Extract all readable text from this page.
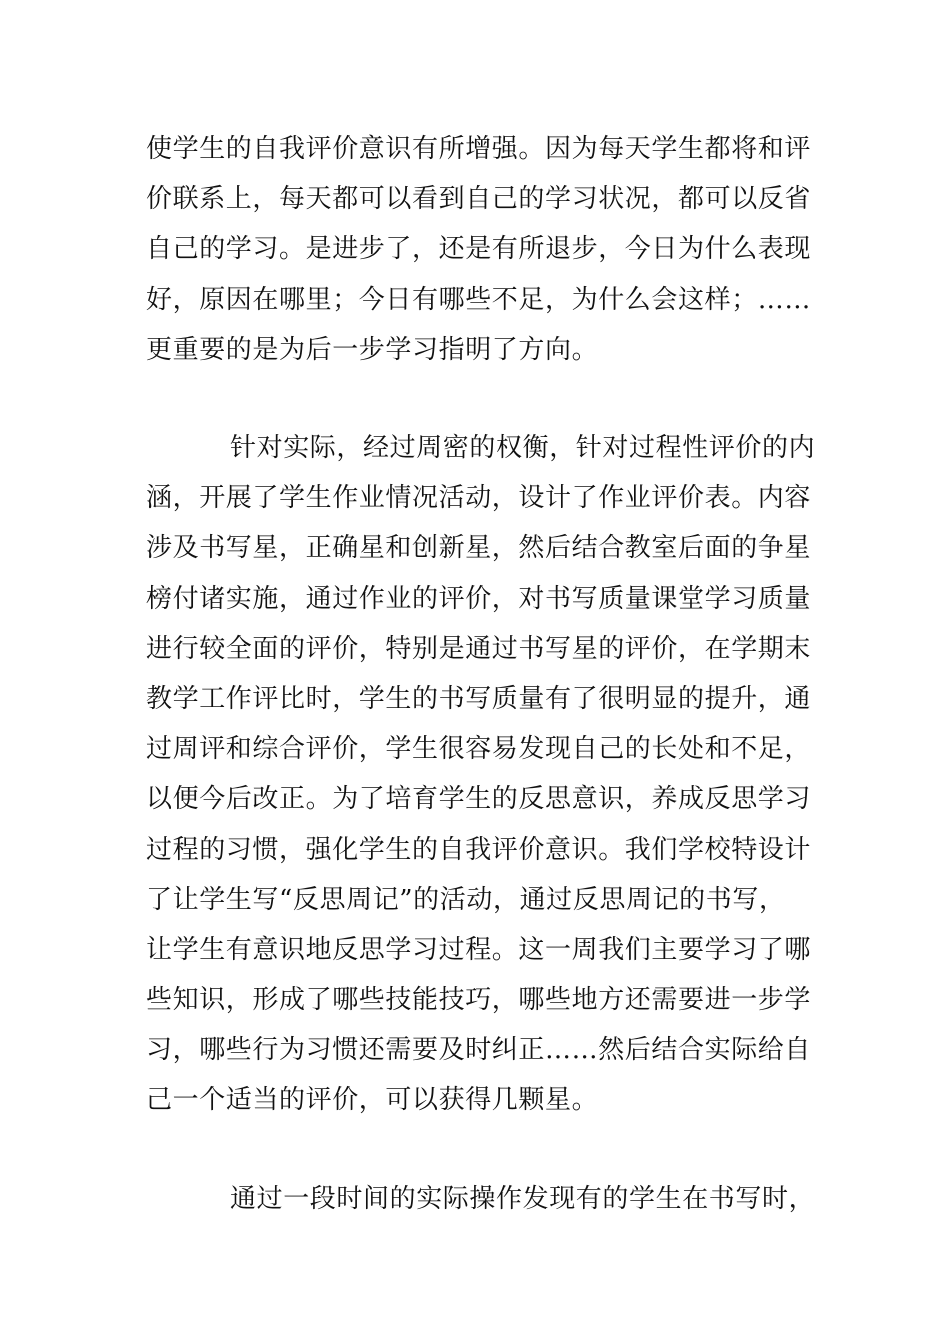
使学生的自我评价意识有所增强。因为每天学生都将和评
价联系上，每天都可以看到自己的学习状况，都可以反省
自己的学习。是进步了，还是有所退步，今日为什么表现
好，原因在哪里；今日有哪些不足，为什么会这样；……
更重要的是为后一步学习指明了方向。
针对实际，经过周密的权衡，针对过程性评价的内
涵，开展了学生作业情况活动，设计了作业评价表。内容
涉及书写星，正确星和创新星，然后结合教室后面的争星
榜付诸实施，通过作业的评价，对书写质量课堂学习质量
进行较全面的评价，特别是通过书写星的评价，在学期末
教学工作评比时，学生的书写质量有了很明显的提升，通
过周评和综合评价，学生很容易发现自己的长处和不足，
以便今后改正。为了培育学生的反思意识，养成反思学习
过程的习惯，强化学生的自我评价意识。我们学校特设计
了让学生写“反思周记”的活动，通过反思周记的书写，
让学生有意识地反思学习过程。这一周我们主要学习了哪
些知识，形成了哪些技能技巧，哪些地方还需要进一步学
习，哪些行为习惯还需要及时纠正……然后结合实际给自
己一个适当的评价，可以获得几颗星。
通过一段时间的实际操作发现有的学生在书写时，
